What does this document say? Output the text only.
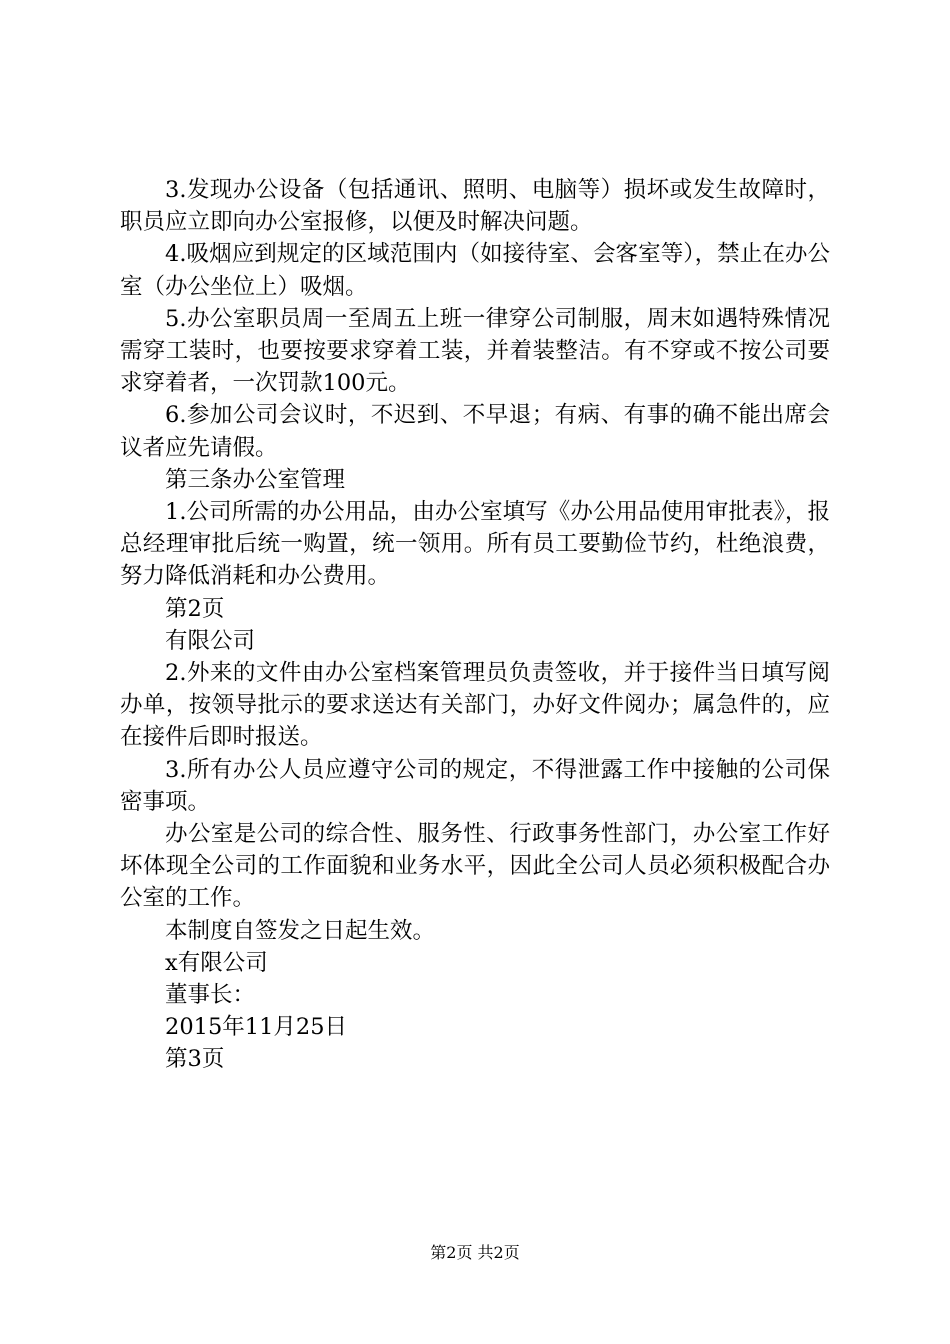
3.发现办公设备（包括通讯、照明、电脑等）损坏或发生故障时，职员应立即向办公室报修，以便及时解决问题。

4.吸烟应到规定的区域范围内（如接待室、会客室等），禁止在办公室（办公坐位上）吸烟。

5.办公室职员周一至周五上班一律穿公司制服，周末如遇特殊情况需穿工装时，也要按要求穿着工装，并着装整洁。有不穿或不按公司要求穿着者，一次罚款100元。

6.参加公司会议时，不迟到、不早退；有病、有事的确不能出席会议者应先请假。

第三条办公室管理

1.公司所需的办公用品，由办公室填写《办公用品使用审批表》，报总经理审批后统一购置，统一领用。所有员工要勤俭节约，杜绝浪费，努力降低消耗和办公费用。

第2页

有限公司

2.外来的文件由办公室档案管理员负责签收，并于接件当日填写阅办单，按领导批示的要求送达有关部门，办好文件阅办；属急件的，应在接件后即时报送。

3.所有办公人员应遵守公司的规定，不得泄露工作中接触的公司保密事项。

办公室是公司的综合性、服务性、行政事务性部门，办公室工作好坏体现全公司的工作面貌和业务水平，因此全公司人员必须积极配合办公室的工作。

本制度自签发之日起生效。

x有限公司

董事长：

2015年11月25日

第3页

第2页 共2页
